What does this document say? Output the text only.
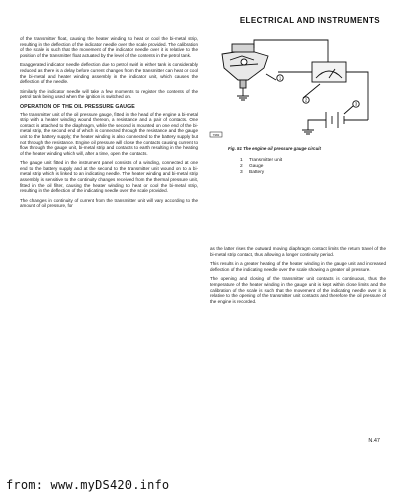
ELECTRICAL AND INSTRUMENTS

of the transmitter float, causing the heater winding to heat or cool the bi-metal strip, resulting in the deflection of the indicator needle over the scale provided. The calibration of the scale is such that the movement of the indicator needle over it is relative to the position of the transmitter float actuated by the level of the contents in the petrol tank.

Exaggerated indicator needle deflection due to petrol swirl in either tank is considerably reduced as there is a delay before current changes from the transmitter can heat or cool the bi-metal and heater winding assembly in the indicator unit, which causes the deflection of the needle.

Similarly the indicator needle will take a few moments to register the contents of the petrol tank being used when the ignition is switched on.

OPERATION OF THE OIL PRESSURE GAUGE

The transmitter unit of the oil pressure gauge, fitted in the head of the engine a bi-metal strip with a heater winding wound thereon, a resistance and a pair of contacts. One contact is attached to the diaphragm, while the second is mounted on one end of the bi-metal strip, the second end of which is connected through the resistance and the gauge unit to the battery supply; the heater winding is also connected to the battery supply but not through the resistance. Engine oil pressure will close the contacts causing current to flow through the gauge unit, bi-metal strip and contacts to earth resulting in the heating of the heater winding which will, after a time, open the contacts.

The gauge unit fitted in the instrument panel consists of a winding, connected at one end to the battery supply and at the second to the transmitter unit wound on to a bi-metal strip which is linked to an indicating needle. The heater winding and bi-metal strip assembly is sensitive to the continuity changes received from the thermal pressure unit, fitted in the oil filter, causing the heater winding to heat or cool the bi-metal strip, resulting in the deflection of the indicating needle over the scale provided.

The changes in continuity of current from the transmitter unit will vary according to the amount of oil pressure, for

1
2
3
7982
Fig. 51 The engine oil pressure gauge circuit
1 Transmitter unit
2 Gauge
3 Battery

as the latter rises the outward moving diaphragm contact limits the return travel of the bi-metal strip contact, thus allowing a longer continuity period.

This results in a greater heating of the heater winding in the gauge unit and increased deflection of the indicating needle over the scale showing a greater oil pressure.

The opening and closing of the transmitter unit contacts is continuous, thus the temperature of the heater winding in the gauge unit is kept within close limits and the calibration of the scale is such that the movement of the indicating needle over it is relative to the opening of the transmitter unit contacts and therefore the oil pressure of the engine is recorded.

N.47
from: www.myDS420.info
